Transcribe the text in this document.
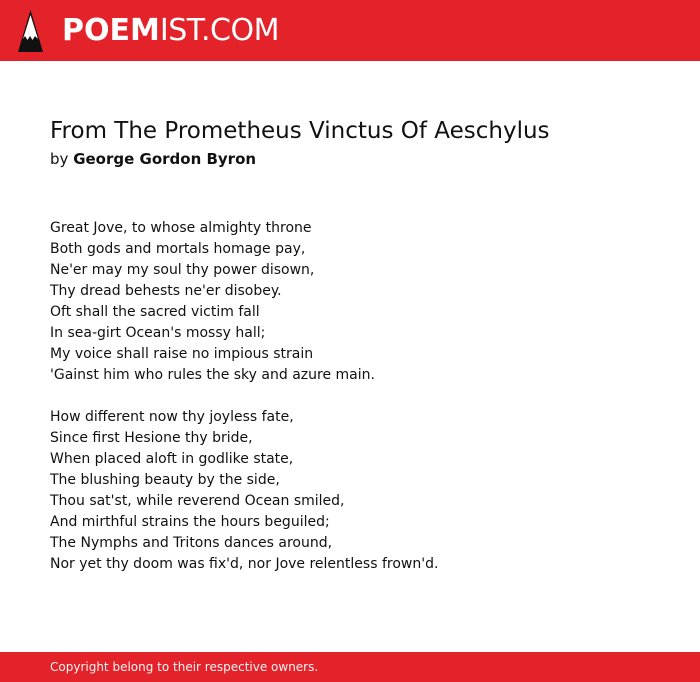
POEMIST.COM
From The Prometheus Vinctus Of Aeschylus
by George Gordon Byron
Great Jove, to whose almighty throne
Both gods and mortals homage pay,
Ne'er may my soul thy power disown,
Thy dread behests ne'er disobey.
Oft shall the sacred victim fall
In sea-girt Ocean's mossy hall;
My voice shall raise no impious strain
'Gainst him who rules the sky and azure main.
How different now thy joyless fate,
Since first Hesione thy bride,
When placed aloft in godlike state,
The blushing beauty by the side,
Thou sat'st, while reverend Ocean smiled,
And mirthful strains the hours beguiled;
The Nymphs and Tritons dances around,
Nor yet thy doom was fix'd, nor Jove relentless frown'd.
Copyright belong to their respective owners.
